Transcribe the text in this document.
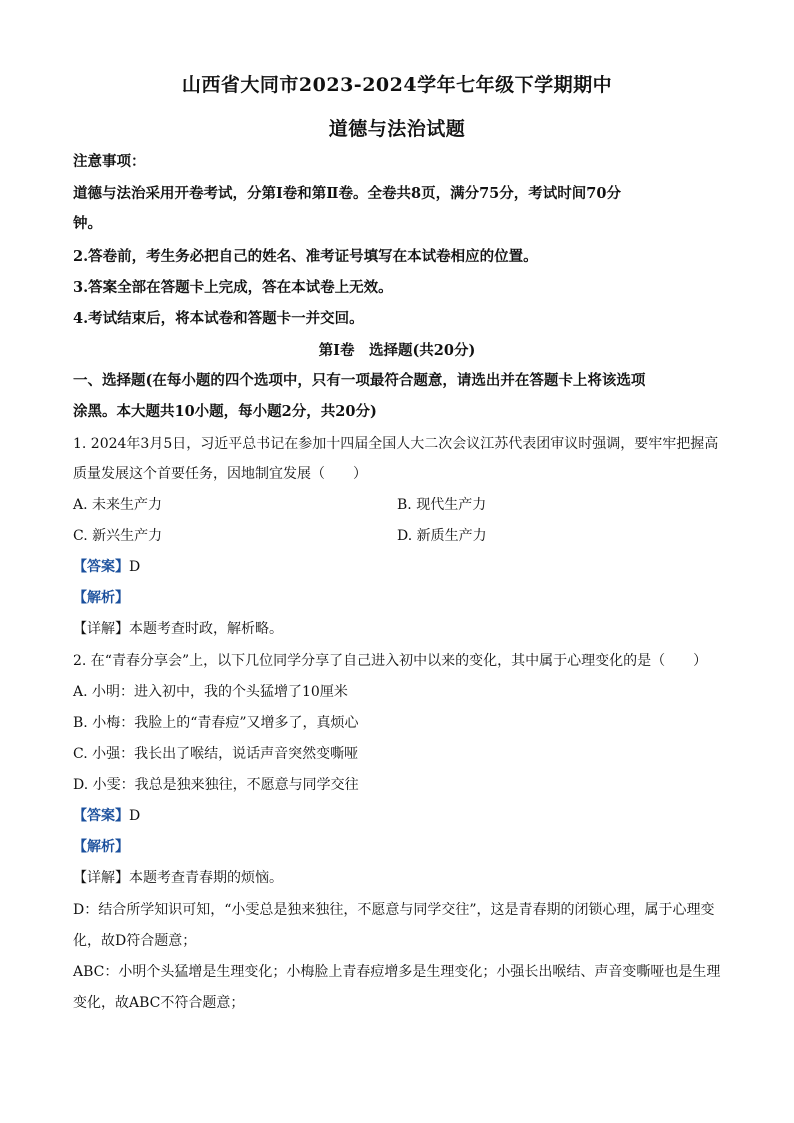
山西省大同市2023-2024学年七年级下学期期中
道德与法治试题
注意事项：
道德与法治采用开卷考试，分第Ⅰ卷和第Ⅱ卷。全卷共8页，满分75分，考试时间70分
钟。
2.答卷前，考生务必把自己的姓名、准考证号填写在本试卷相应的位置。
3.答案全部在答题卡上完成，答在本试卷上无效。
4.考试结束后，将本试卷和答题卡一并交回。
第Ⅰ卷　选择题(共20分)
一、选择题(在每小题的四个选项中，只有一项最符合题意，请选出并在答题卡上将该选项
涂黑。本大题共10小题，每小题2分，共20分)
1. 2024年3月5日，习近平总书记在参加十四届全国人大二次会议江苏代表团审议时强调，要牢牢把握高
质量发展这个首要任务，因地制宜发展（　　）
A. 未来生产力	B. 现代生产力
C. 新兴生产力	D. 新质生产力
【答案】D
【解析】
【详解】本题考查时政，解析略。
2. 在“青春分享会”上，以下几位同学分享了自己进入初中以来的变化，其中属于心理变化的是（　　）
A. 小明：进入初中，我的个头猛增了10厘米
B. 小梅：我脸上的“青春痘”又增多了，真烦心
C. 小强：我长出了喉结，说话声音突然变嘶哑
D. 小雯：我总是独来独往，不愿意与同学交往
【答案】D
【解析】
【详解】本题考查青春期的烦恼。
D：结合所学知识可知，“小雯总是独来独往，不愿意与同学交往”，这是青春期的闭锁心理，属于心理变
化，故D符合题意；
ABC：小明个头猛增是生理变化；小梅脸上青春痘增多是生理变化；小强长出喉结、声音变嘶哑也是生理
变化，故ABC不符合题意；
